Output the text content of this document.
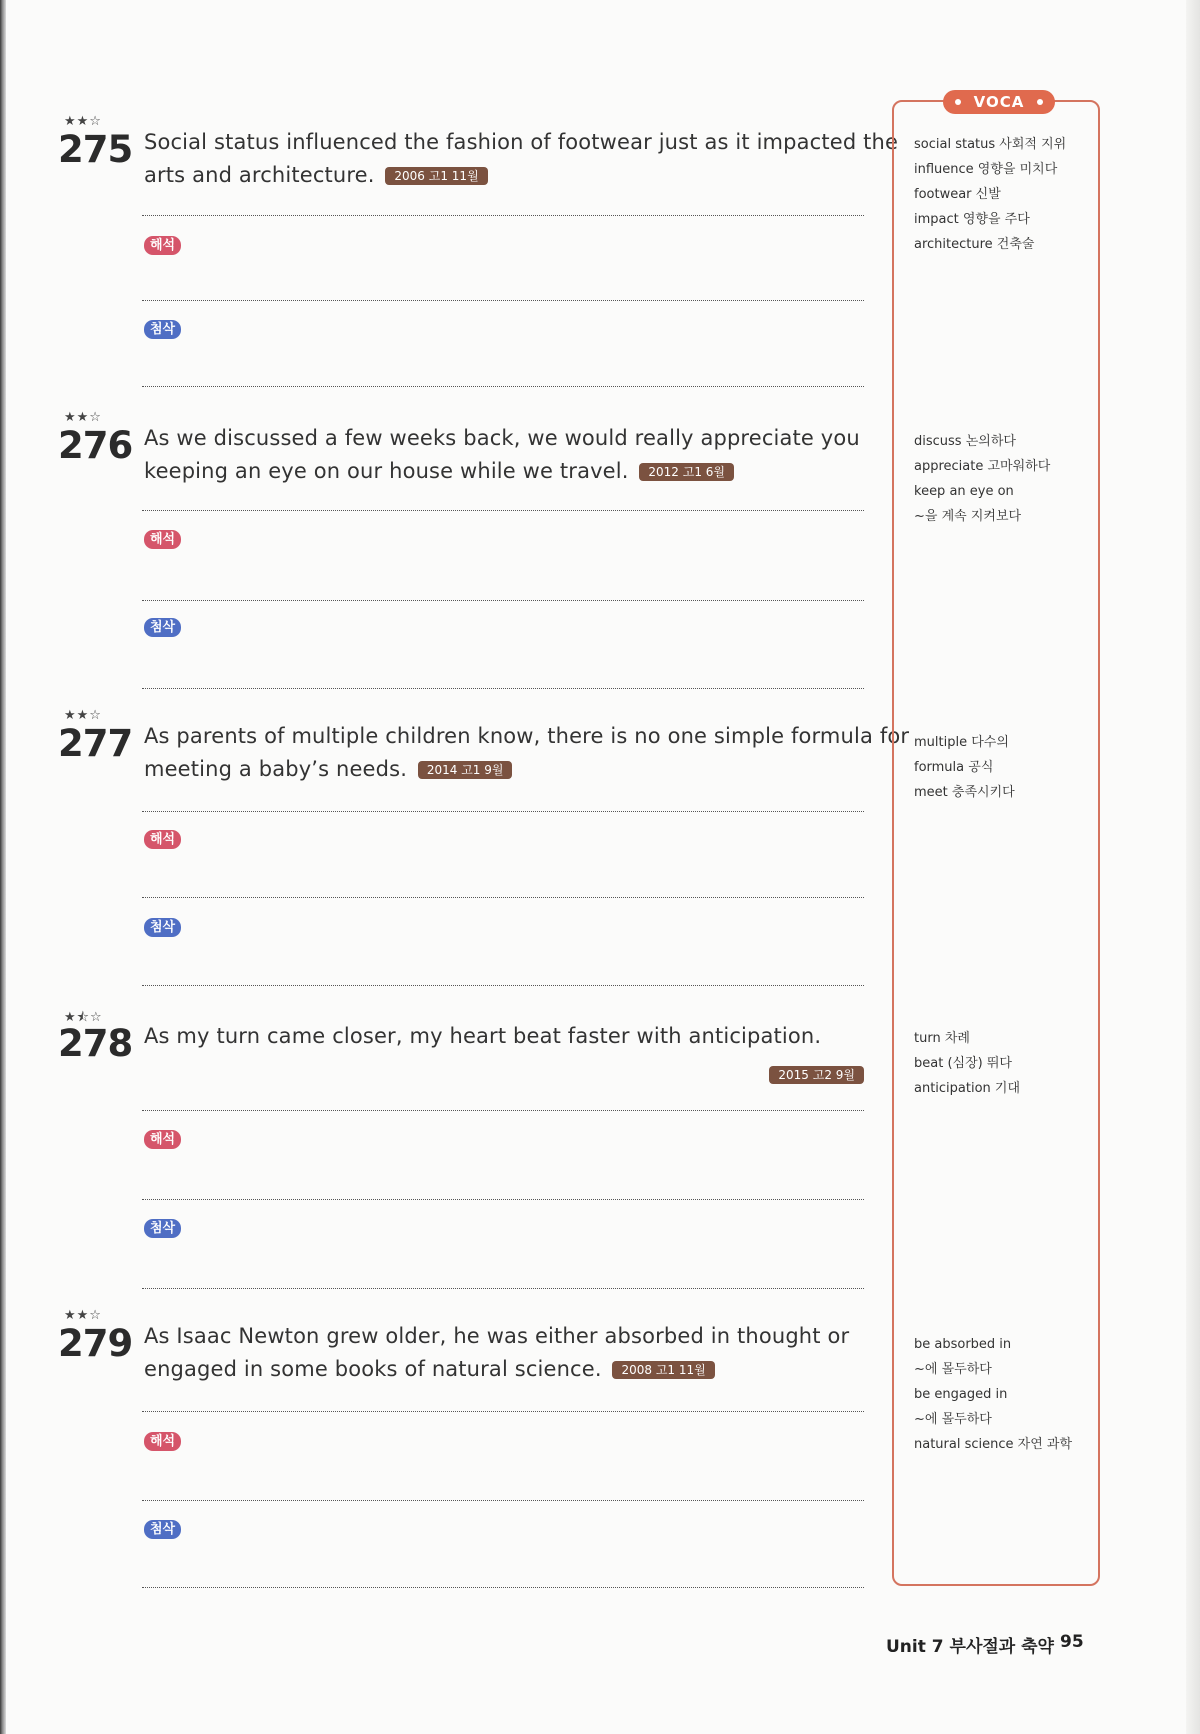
★★☆
275 Social status influenced the fashion of footwear just as it impacted the arts and architecture. 2006 고1 11월
해석
첨삭
★★☆
276 As we discussed a few weeks back, we would really appreciate you keeping an eye on our house while we travel. 2012 고1 6월
해석
첨삭
★★☆
277 As parents of multiple children know, there is no one simple formula for meeting a baby’s needs. 2014 고1 9월
해석
첨삭
★⯪☆
278 As my turn came closer, my heart beat faster with anticipation.
2015 고2 9월
해석
첨삭
★★☆
279 As Isaac Newton grew older, he was either absorbed in thought or engaged in some books of natural science. 2008 고1 11월
해석
첨삭
VOCA
social status 사회적 지위
influence 영향을 미치다
footwear 신발
impact 영향을 주다
architecture 건축술
discuss 논의하다
appreciate 고마워하다
keep an eye on
~을 계속 지켜보다
multiple 다수의
formula 공식
meet 충족시키다
turn 차례
beat (심장) 뛰다
anticipation 기대
be absorbed in
~에 몰두하다
be engaged in
~에 몰두하다
natural science 자연 과학
Unit 7 부사절과 축약 95
